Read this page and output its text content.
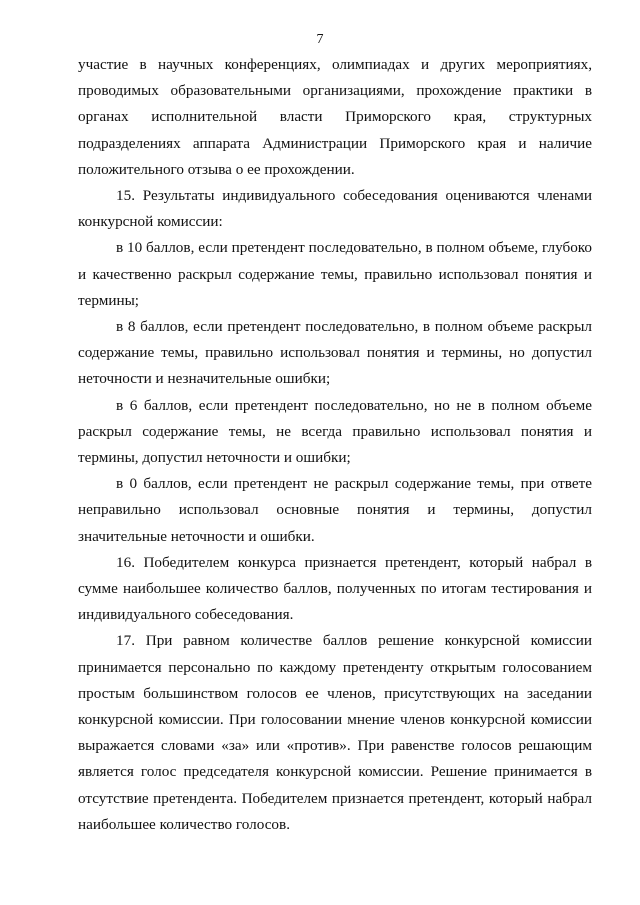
7

участие в научных конференциях, олимпиадах и других мероприятиях, проводимых образовательными организациями, прохождение практики в органах исполнительной власти Приморского края, структурных подразделениях аппарата Администрации Приморского края и наличие положительного отзыва о ее прохождении.

15. Результаты индивидуального собеседования оцениваются членами конкурсной комиссии:

в 10 баллов, если претендент последовательно, в полном объеме, глубоко и качественно раскрыл содержание темы, правильно использовал понятия и термины;

в 8 баллов, если претендент последовательно, в полном объеме раскрыл содержание темы, правильно использовал понятия и термины, но допустил неточности и незначительные ошибки;

в 6 баллов, если претендент последовательно, но не в полном объеме раскрыл содержание темы, не всегда правильно использовал понятия и термины, допустил неточности и ошибки;

в 0 баллов, если претендент не раскрыл содержание темы, при ответе неправильно использовал основные понятия и термины, допустил значительные неточности и ошибки.

16. Победителем конкурса признается претендент, который набрал в сумме наибольшее количество баллов, полученных по итогам тестирования и индивидуального собеседования.

17. При равном количестве баллов решение конкурсной комиссии принимается персонально по каждому претенденту открытым голосованием простым большинством голосов ее членов, присутствующих на заседании конкурсной комиссии. При голосовании мнение членов конкурсной комиссии выражается словами «за» или «против». При равенстве голосов решающим является голос председателя конкурсной комиссии. Решение принимается в отсутствие претендента. Победителем признается претендент, который набрал наибольшее количество голосов.
